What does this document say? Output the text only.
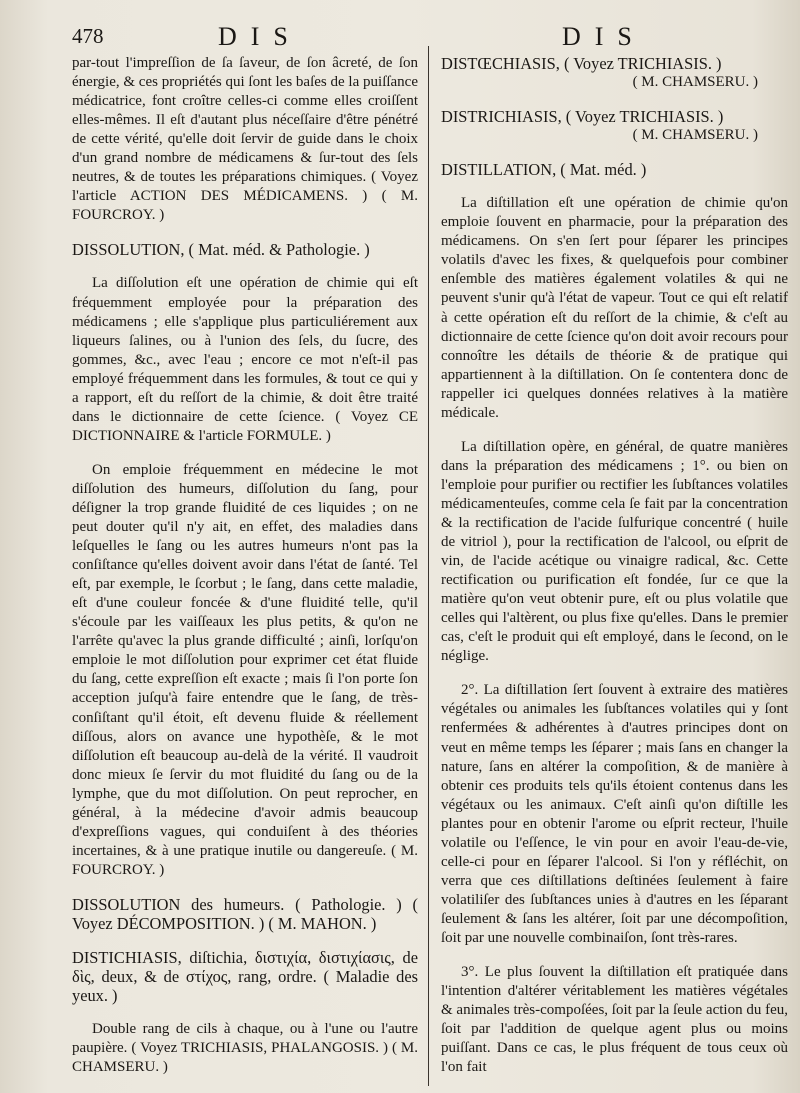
478	DIS	DIS

par-tout l'impreſſion de ſa ſaveur, de ſon âcreté, de ſon énergie, & ces propriétés qui ſont les baſes de la puiſſance médicatrice, font croître celles-ci comme elles croiſſent elles-mêmes. Il eſt d'autant plus néceſſaire d'être pénétré de cette vérité, qu'elle doit ſervir de guide dans le choix d'un grand nombre de médicamens & ſur-tout des ſels neutres, & de toutes les préparations chimiques. ( Voyez l'article ACTION DES MÉDICAMENS. ) ( M. FOURCROY. )

DISSOLUTION, ( Mat. méd. & Pathologie. )

La diſſolution eſt une opération de chimie qui eſt fréquemment employée pour la préparation des médicamens ; elle s'applique plus particuliérement aux liqueurs ſalines, ou à l'union des ſels, du ſucre, des gommes, &c., avec l'eau ; encore ce mot n'eſt-il pas employé fréquemment dans les formules, & tout ce qui y a rapport, eſt du reſſort de la chimie, & doit être traité dans le dictionnaire de cette ſcience. ( Voyez CE DICTIONNAIRE & l'article FORMULE. )

On emploie fréquemment en médecine le mot diſſolution des humeurs, diſſolution du ſang, pour déſigner la trop grande fluidité de ces liquides ; on ne peut douter qu'il n'y ait, en effet, des maladies dans leſquelles le ſang ou les autres humeurs n'ont pas la conſiſtance qu'elles doivent avoir dans l'état de ſanté. Tel eſt, par exemple, le ſcorbut ; le ſang, dans cette maladie, eſt d'une couleur foncée & d'une fluidité telle, qu'il s'écoule par les vaiſſeaux les plus petits, & qu'on ne l'arrête qu'avec la plus grande difficulté ; ainſi, lorſqu'on emploie le mot diſſolution pour exprimer cet état fluide du ſang, cette expreſſion eſt exacte ; mais ſi l'on porte ſon acception juſqu'à faire entendre que le ſang, de très-conſiſtant qu'il étoit, eſt devenu fluide & réellement diſſous, alors on avance une hypothèſe, & le mot diſſolution eſt beaucoup au-delà de la vérité. Il vaudroit donc mieux ſe ſervir du mot fluidité du ſang ou de la lymphe, que du mot diſſolution. On peut reprocher, en général, à la médecine d'avoir admis beaucoup d'expreſſions vagues, qui conduiſent à des théories incertaines, & à une pratique inutile ou dangereuſe. ( M. FOURCROY. )

DISSOLUTION des humeurs. ( Pathologie. ) ( Voyez DÉCOMPOSITION. ) ( M. MAHON. )

DISTICHIASIS, diſtichia, διστιχία, διστιχίασις, de δὶς, deux, & de στίχος, rang, ordre. ( Maladie des yeux. )

Double rang de cils à chaque, ou à l'une ou l'autre paupière. ( Voyez TRICHIASIS, PHALANGOSIS. ) ( M. CHAMSERU. )

DISTŒCHIASIS, ( Voyez TRICHIASIS. )

( M. CHAMSERU. )

DISTRICHIASIS, ( Voyez TRICHIASIS. )

( M. CHAMSERU. )

DISTILLATION, ( Mat. méd. )

La diſtillation eſt une opération de chimie qu'on emploie ſouvent en pharmacie, pour la préparation des médicamens. On s'en ſert pour ſéparer les principes volatils d'avec les fixes, & quelquefois pour combiner enſemble des matières également volatiles & qui ne peuvent s'unir qu'à l'état de vapeur. Tout ce qui eſt relatif à cette opération eſt du reſſort de la chimie, & c'eſt au dictionnaire de cette ſcience qu'on doit avoir recours pour connoître les détails de théorie & de pratique qui appartiennent à la diſtillation. On ſe contentera donc de rappeller ici quelques données relatives à la matière médicale.

La diſtillation opère, en général, de quatre manières dans la préparation des médicamens ; 1°. ou bien on l'emploie pour purifier ou rectifier les ſubſtances volatiles médicamenteuſes, comme cela ſe fait par la concentration & la rectification de l'acide ſulfurique concentré ( huile de vitriol ), pour la rectification de l'alcool, ou eſprit de vin, de l'acide acétique ou vinaigre radical, &c. Cette rectification ou purification eſt fondée, ſur ce que la matière qu'on veut obtenir pure, eſt ou plus volatile que celles qui l'altèrent, ou plus fixe qu'elles. Dans le premier cas, c'eſt le produit qui eſt employé, dans le ſecond, on le néglige.

2°. La diſtillation ſert ſouvent à extraire des matières végétales ou animales les ſubſtances volatiles qui y ſont renfermées & adhérentes à d'autres principes dont on veut en même temps les ſéparer ; mais ſans en changer la nature, ſans en altérer la compoſition, & de manière à obtenir ces produits tels qu'ils étoient contenus dans les végétaux ou les animaux. C'eſt ainſi qu'on diſtille les plantes pour en obtenir l'arome ou eſprit recteur, l'huile volatile ou l'eſſence, le vin pour en avoir l'eau-de-vie, celle-ci pour en ſéparer l'alcool. Si l'on y réfléchit, on verra que ces diſtillations deſtinées ſeulement à faire volatiliſer des ſubſtances unies à d'autres en les ſéparant ſeulement & ſans les altérer, ſoit par une décompoſition, ſoit par une nouvelle combinaiſon, ſont très-rares.

3°. Le plus ſouvent la diſtillation eſt pratiquée dans l'intention d'altérer véritablement les matières végétales & animales très-compoſées, ſoit par la ſeule action du feu, ſoit par l'addition de quelque agent plus ou moins puiſſant. Dans ce cas, le plus fréquent de tous ceux où l'on fait
